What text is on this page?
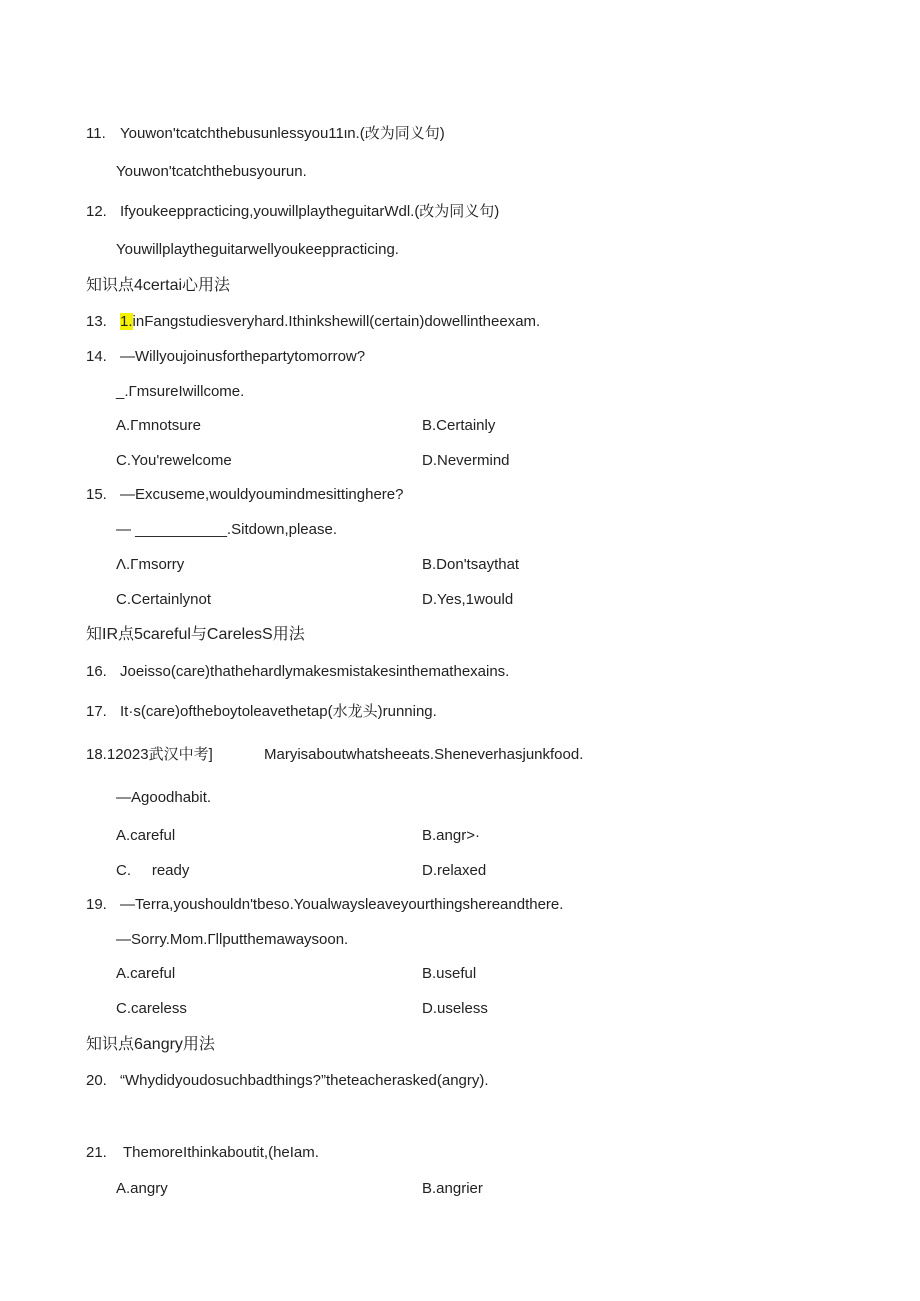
11. Youwon'tcatchthebusunlessyou11ιn.(改为同义句)
Youwon'tcatchthebusyourun.
12. Ifyoukeeppracticing,youwillplaytheguitarWdl.(改为同义句)
Youwillplaytheguitarwellyoukeeppracticing.
知识点4certai心用法
13. 1.inFangstudiesveryhard.Ithinkshewill(certain)dowellintheexam.
14. —Willyoujoinusforthepartytomorrow?
_.ΓmsureIwillcome.
A.Γmnotsure	B.Certainly
C.You'rewelcome	D.Nevermind
15. —Excuseme,wouldyoumindmesittinghere?
— ___________.Sitdown,please.
Λ.Γmsorry	B.Don'tsaythat
C.Certainlynot	D.Yes,1would
知IR点5careful与CarelesS用法
16. Joeisso(care)thathehardlymakesmistakesinthemathexains.
17. It·s(care)oftheboytoleavethetap(水龙头)running.
18.12023武汉中考]	Maryisaboutwhatsheeats.Sheneverhasjunkfood.
—Agoodhabit.
A.careful	B.angr>·
C.     ready	D.relaxed
19. —Terra,youshouldn'tbeso.Youalwaysleaveyourthingshereandthere.
—Sorry.Mom.Γllputthemawaysoon.
A.careful	B.useful
C.careless	D.useless
知识点6angry用法
20. “Whydidyoudosuchbadthings?”theteacherasked(angry).
21. ThemoreIthinkaboutit,(heIam.
A.angry	B.angrier
